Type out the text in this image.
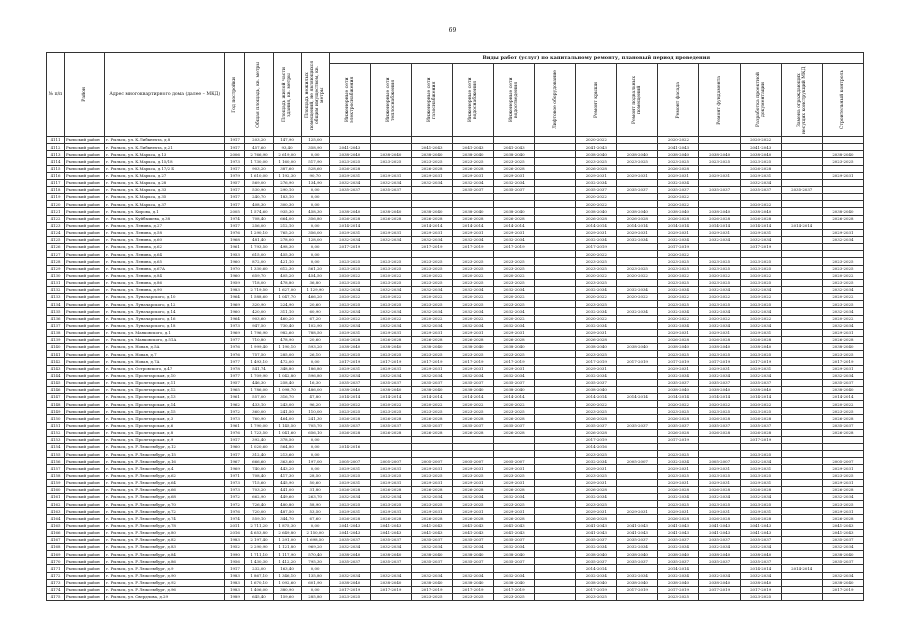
69
№ п/п	Район	Адрес многоквартирного дома (далее – МКД)	Год постройки	Общая площадь, кв. метры	Площадь жилой части здания, кв. метры	Площадь нежилых помещений, не являющихся общим имуществом, кв. метры	Виды работ (услуг) по капитальному ремонту, плановый период проведения												

							Инженерные сети электроснабжения	Инженерные сети теплоснабжения	Инженерные сети газоснабжения	Инженерные сети водоснабжения	Инженерные сети водоотведения	Лифтовое оборудование	Ремонт крыши	Ремонт подвальных помещений	Ремонт фасада	Ремонт фундамента	Разработка проектной документации	Замена ограждающих несущих конструкций МКД	Строительный контроль

4111	Рыльский район	г. Рыльск, ул. К.Либкнехта, д.8	1917	203,20	147,90	125,00							2020-2022		2020-2022		2020-2022		
4112	Рыльский район	г. Рыльск, ул. К.Либкнехта, д.21	1917	457,60	93,40	358,90	2041-2043		2041-2043	2041-2043	2041-2043		2041-2043		2041-2043		2041-2043		
4113	Рыльский район	г. Рыльск, ул. К.Маркса, д.13	2006	2 766,90	2 619,00	0,00	2038-2040	2038-2040	2038-2040	2038-2040	2038-2040		2038-2040	2038-2040	2038-2040	2038-2040	2038-2040		2038-2040
4114	Рыльский район	г. Рыльск, ул. К.Маркса, д.15/18	1973	1 730,00	1 160,00	517,90	2023-2025	2023-2025	2023-2025	2023-2025	2023-2025		2023-2025	2023-2025	2023-2025	2023-2025	2023-2025		2023-2025
4115	Рыльский район	г. Рыльск, ул. К.Маркса, д.17/2 Б	1917	903,20	387,60	528,60	2026-2028		2026-2028	2026-2028	2026-2028		2026-2028		2026-2028		2026-2028		
4116	Рыльский район	г. Рыльск, ул. К.Маркса, д.27	1979	1 610,00	1 192,30	90,70	2029-2031	2029-2031	2029-2031	2029-2031	2029-2031		2029-2031	2029-2031	2029-2031	2029-2031	2029-2031		2029-2031
4117	Рыльский район	г. Рыльск, ул. К.Маркса, д.28	1957	569,00	276,90	134,90	2032-2034	2032-2034	2032-2034	2032-2034	2032-2034		2032-2034		2032-2034		2032-2034		
4118	Рыльский район	г. Рыльск, ул. К.Маркса, д.33	1917	530,90	290,10	0,00	2035-2037	2035-2037		2035-2037	2035-2037		2035-2037	2035-2037	2035-2037	2035-2037	2035-2037	2035-2037	
4119	Рыльский район	г. Рыльск, ул. К.Маркса, д.35	1917	240,70	183,10	0,00							2020-2022		2020-2022				
4120	Рыльский район	г. Рыльск, ул. К.Маркса, д.37	1917	408,30	300,30	0,00							2020-2022		2020-2022		2020-2022		
4121	Рыльский район	г. Рыльск, ул. Кирова, д.1	2005	1 574,60	935,30	458,30	2038-2040	2038-2040	2038-2040	2038-2040	2038-2040		2038-2040	2038-2040	2038-2040	2038-2040	2038-2040		2038-2040
4122	Рыльский район	г. Рыльск, ул. Куйбышева, д.38	1974	708,40	664,00	356,80	2026-2028	2026-2028	2026-2028	2026-2028	2026-2028		2026-2028	2026-2028	2026-2028	2026-2028	2026-2028		2026-2028
4123	Рыльский район	г. Рыльск, ул. Ленина, д.27	1917	256,00	212,10	0,00	2014-2014		2014-2014	2014-2014	2014-2014		2014-2014	2014-2014	2014-2014	2014-2014	2014-2014	2014-2014	
4124	Рыльский район	г. Рыльск, ул. Ленина, д.58	1976	1 290,10	765,20	356,00	2029-2031	2029-2031	2029-2031	2029-2031	2029-2031		2029-2031	2029-2031	2029-2031	2029-2031	2029-2031		2029-2031
4125	Рыльский район	г. Рыльск, ул. Ленина, д.60	1968	481,40	278,00	128,00	2032-2034	2032-2034	2032-2034	2032-2034	2032-2034		2032-2034	2032-2034	2032-2034	2032-2034	2032-2034		2032-2034
4126	Рыльский район	г. Рыльск, ул. Ленина, д.62	1961	1 793,50	498,30	0,00	2017-2019		2017-2019	2017-2019	2017-2019		2017-2019		2017-2019		2017-2019		
4127	Рыльский район	г. Рыльск, ул. Ленина, д.64	1953	615,00	455,30	0,00							2020-2022		2020-2022				
4128	Рыльский район	г. Рыльск, ул. Ленина, д.65	1960	872,00	421,10	0,00	2023-2025	2023-2025	2023-2025	2023-2025	2023-2025		2023-2025		2023-2025	2023-2025	2023-2025		2023-2025
4129	Рыльский район	г. Рыльск, ул. Ленина, д.67А	1970	1 330,60	612,30	561,20	2023-2025	2023-2025	2023-2025	2023-2025	2023-2025		2023-2025	2023-2025	2023-2025	2023-2025	2023-2025		2023-2025
4130	Рыльский район	г. Рыльск, ул. Ленина, д.84	1960	659,70	405,20	454,50	2020-2022	2020-2022	2020-2022	2020-2022	2020-2022		2020-2022	2020-2022	2020-2022	2020-2022	2020-2022		2020-2022
4131	Рыльский район	г. Рыльск, ул. Ленина, д.86	1959	718,00	478,80	36,80	2023-2025	2023-2025	2023-2025	2023-2025	2023-2025		2023-2025		2023-2025	2023-2025	2023-2025		2023-2025
4132	Рыльский район	г. Рыльск, ул. Ленина, д.90	1983	2 719,50	1 627,00	1 129,90	2032-2034	2032-2034	2032-2034	2032-2034	2032-2034		2032-2034	2032-2034	2032-2034	2032-2034	2032-2034		2032-2034
4133	Рыльский район	г. Рыльск, ул. Луначарского, д.10	1964	1 588,60	1 047,70	466,20	2020-2022	2020-2022	2020-2022	2020-2022	2020-2022		2020-2022	2020-2022	2020-2022	2020-2022	2020-2022		2020-2022
4134	Рыльский район	г. Рыльск, ул. Луначарского, д.12	1969	320,90	224,90	20,60	2023-2025	2023-2025	2023-2025	2023-2025	2023-2025		2023-2025		2023-2025	2023-2025	2023-2025		2023-2025
4135	Рыльский район	г. Рыльск, ул. Луначарского, д.14	1960	420,00	311,10	60,90	2032-2034	2032-2034	2032-2034	2032-2034	2032-2034		2032-2034	2032-2034	2032-2034	2032-2034	2032-2034		2032-2034
4136	Рыльский район	г. Рыльск, ул. Луначарского, д.16	1964	903,60	460,20	67,20	2020-2022	2020-2022	2020-2022	2020-2022	2020-2022		2020-2022		2020-2022	2020-2022	2020-2022		2020-2022
4137	Рыльский район	г. Рыльск, ул. Луначарского, д.18	1973	947,50	730,40	102,90	2032-2034	2032-2034	2032-2034	2032-2034	2032-2034		2032-2034		2032-2034	2032-2034	2032-2034		2032-2034
4138	Рыльский район	г. Рыльск, ул. Маяковского, д.1	1969	1 796,90	982,60	788,50	2029-2031	2029-2031	2029-2031	2029-2031	2029-2031		2029-2031		2029-2031	2029-2031	2029-2031		2029-2031
4139	Рыльский район	г. Рыльск, ул. Маяковского, д.51А	1977	710,80	478,90	20,60	2026-2028	2026-2028	2026-2028	2026-2028	2026-2028		2026-2028		2026-2028	2026-2028	2026-2028		2026-2028
4140	Рыльский район	г. Рыльск, ул. Новая, д.5А	1976	1 999,40	1 190,10	593,20	2038-2040	2038-2040	2038-2040	2038-2040	2038-2040		2038-2040	2038-2040	2038-2040	2038-2040	2038-2040		2038-2040
4141	Рыльский район	г. Рыльск, ул. Новая, д.7	1976	757,50	285,00	26,10	2023-2025	2023-2025	2023-2025	2023-2025	2023-2025		2023-2025		2023-2025	2023-2025	2023-2025		2023-2025
4142	Рыльский район	г. Рыльск, ул. Новая, д.7А	1977	1 493,10	472,00	0,00	2017-2019	2017-2019	2017-2019	2017-2019	2017-2019		2017-2019	2017-2019	2017-2019	2017-2019	2017-2019		2017-2019
4143	Рыльский район	г. Рыльск, ул. Островского, д.47	1978	541,74	348,80	186,80	2029-2031	2029-2031	2029-2031	2029-2031	2029-2031		2029-2031		2029-2031	2029-2031	2029-2031		2029-2031
4144	Рыльский район	г. Рыльск, ул. Пролетарская, д.10	1977	1 709,90	1 042,80	596,80	2032-2034	2032-2034	2032-2034	2032-2034	2032-2034		2032-2034		2032-2034	2032-2034	2032-2034		2032-2034
4145	Рыльский район	г. Рыльск, ул. Пролетарская, д.11	1957	446,30	258,40	16,30	2035-2037	2035-2037	2035-2037	2035-2037	2035-2037		2035-2037		2035-2037	2035-2037	2035-2037		2035-2037
4146	Рыльский район	г. Рыльск, ул. Пролетарская, д.12	1965	1 786,00	1 098,70	486,00	2038-2040	2038-2040	2038-2040	2038-2040	2038-2040		2038-2040		2038-2040	2038-2040	2038-2040		2038-2040
4147	Рыльский район	г. Рыльск, ул. Пролетарская, д.13	1961	557,00	316,70	47,80	2014-2014	2014-2014	2014-2014	2014-2014	2014-2014		2014-2014	2014-2014	2014-2014	2014-2014	2014-2014		2014-2014
4148	Рыльский район	г. Рыльск, ул. Пролетарская, д.14	1962	433,10	243,00	96,20	2020-2022	2020-2022	2020-2022	2020-2022	2020-2022		2020-2022		2020-2022	2020-2022	2020-2022		2020-2022
4149	Рыльский район	г. Рыльск, ул. Пролетарская, д.15	1972	360,00	241,50	110,00	2023-2025	2023-2025	2023-2025	2023-2025	2023-2025		2023-2025		2023-2025	2023-2025	2023-2025		2023-2025
4150	Рыльский район	г. Рыльск, ул. Пролетарская, д.3	1973	760,90	464,00	241,30	2026-2028	2026-2028	2026-2028	2026-2028	2026-2028		2026-2028		2026-2028	2026-2028	2026-2028		2026-2028
4151	Рыльский район	г. Рыльск, ул. Пролетарская, д.6	1961	1 790,00	1 145,50	705,70	2035-2037	2035-2037	2035-2037	2035-2037	2035-2037		2035-2037	2035-2037	2035-2037	2035-2037	2035-2037		2035-2037
4152	Рыльский район	г. Рыльск, ул. Пролетарская, д.8	1976	1 723,50	1 041,60	656,10	2026-2028	2026-2028	2026-2028	2026-2028	2026-2028		2026-2028		2026-2028	2026-2028	2026-2028		2026-2028
4153	Рыльский район	г. Рыльск, ул. Пролетарская, д.9	1917	392,40	378,50	0,00							2017-2019		2017-2019		2017-2019		
4154	Рыльский район	г. Рыльск, ул. Р.Люксембург, д.12	1960	1 020,60	564,80	0,00	2014-2016						2014-2016						
4155	Рыльский район	г. Рыльск, ул. Р.Люксембург, д.15	1917	312,40	213,60	0,00							2023-2025		2023-2025		2023-2025		
4156	Рыльский район	г. Рыльск, ул. Р.Люксембург, д.16	1967	666,60	363,60	197,00	2005-2007	2005-2007	2005-2007	2005-2007	2005-2007		2032-2034	2005-2007	2032-2034	2005-2007	2032-2034		2005-2007
4157	Рыльский район	г. Рыльск, ул. Р.Люксембург, д.4	1969	740,00	443,20	0,00	2029-2031	2029-2031	2029-2031	2029-2031	2029-2031		2029-2031		2029-2031	2029-2031	2029-2031		2029-2031
4158	Рыльский район	г. Рыльск, ул. Р.Люксембург, д.62	1971	708,40	417,30	28,50	2023-2025	2023-2025	2023-2025	2023-2025	2023-2025		2023-2025		2023-2025	2023-2025	2023-2025		2023-2025
4159	Рыльский район	г. Рыльск, ул. Р.Люксембург, д.64	1973	715,60	445,90	50,60	2029-2031	2029-2031	2029-2031	2029-2031	2029-2031		2029-2031		2029-2031	2029-2031	2029-2031		2029-2031
4160	Рыльский район	г. Рыльск, ул. Р.Люксембург, д.66	1973	703,20	441,00	31,80	2026-2028	2026-2028	2026-2028	2026-2028	2026-2028		2026-2028		2026-2028	2026-2028	2026-2028		2026-2028
4161	Рыльский район	г. Рыльск, ул. Р.Люксембург, д.68	1972	662,90	449,60	263,70	2032-2034	2032-2034	2032-2034	2032-2034	2032-2034		2032-2034		2032-2034	2032-2034	2032-2034		2032-2034
4162	Рыльский район	г. Рыльск, ул. Р.Люксембург, д.70	1972	726,40	480,80	58,90	2023-2025	2023-2025	2023-2025	2023-2025	2023-2025		2023-2025		2023-2025	2023-2025	2023-2025		2023-2025
4163	Рыльский район	г. Рыльск, ул. Р.Люксембург, д.72	1976	720,00	487,50	53,50	2029-2031	2029-2031	2029-2031	2029-2031	2029-2031		2029-2031	2029-2031	2029-2031	2029-2031	2029-2031		2029-2031
4164	Рыльский район	г. Рыльск, ул. Р.Люксембург, д.74	1974	559,10	344,70	67,60	2026-2028	2026-2028	2026-2028	2026-2028	2026-2028		2026-2028		2026-2028	2026-2028	2026-2028		2026-2028
4165	Рыльский район	г. Рыльск, ул. Р.Люксембург, д.78	2011	2 711,20	1 875,30	0,00	2041-2043	2041-2043	2041-2043	2041-2043	2041-2043		2041-2043	2041-2043	2041-2043	2041-2043	2041-2043		2041-2043
4166	Рыльский район	г. Рыльск, ул. Р.Люксембург, д.80	2016	4 653,80	2 649,80	2 150,00	2041-2043	2041-2043	2041-2043	2041-2043	2041-2043		2041-2043	2041-2043	2041-2043	2041-2043	2041-2043		2041-2043
4167	Рыльский район	г. Рыльск, ул. Р.Люксембург, д.82	1983	2 197,40	1 291,00	1 698,50	2035-2037	2035-2037	2035-2037	2035-2037	2035-2037		2035-2037	2035-2037	2035-2037	2035-2037	2035-2037		2035-2037
4168	Рыльский район	г. Рыльск, ул. Р.Люксембург, д.83	1952	2 290,90	1 121,80	969,20	2032-2034	2032-2034	2032-2034	2032-2034	2032-2034		2032-2034	2032-2034	2032-2034	2032-2034	2032-2034		2032-2034
4169	Рыльский район	г. Рыльск, ул. Р.Люксембург, д.84	1990	1 711,10	1 117,90	570,40	2038-2040	2038-2040	2038-2040	2038-2040	2038-2040		2038-2040	2038-2040	2038-2040	2038-2040	2038-2040		2038-2040
4170	Рыльский район	г. Рыльск, ул. Р.Люксембург, д.86	1956	1 430,30	1 412,20	795,30	2035-2037	2035-2037	2035-2037	2035-2037	2035-2037		2035-2037	2035-2037	2035-2037	2035-2037	2035-2037		2035-2037
4171	Рыльский район	г. Рыльск, ул. Р.Люксембург, д.9	1917	232,00	163,40	0,00							2014-2014		2014-2014		2014-2014	2014-2014	
4172	Рыльский район	г. Рыльск, ул. Р.Люксембург, д.90	1983	1 867,10	1 346,10	135,80	2032-2034	2032-2034	2032-2034	2032-2034	2032-2034		2032-2034	2032-2034	2032-2034	2032-2034	2032-2034		2032-2034
4173	Рыльский район	г. Рыльск, ул. Р.Люксембург, д.92	1983	1 670,10	1 092,60	601,90	2038-2040	2038-2040	2038-2040	2038-2040	2038-2040		2038-2040	2038-2040	2038-2040	2038-2040	2038-2040		2038-2040
4174	Рыльский район	г. Рыльск, ул. Р.Люксембург, д.96	1983	1 406,00	380,90	0,00	2017-2019	2017-2019	2017-2019	2017-2019	2017-2019		2017-2019	2017-2019	2017-2019	2017-2019	2017-2019		2017-2019
4175	Рыльский район	г. Рыльск, ул. Свердлова, д.29	1989	645,40	159,60	285,80	2023-2025		2023-2025	2023-2025	2023-2025		2023-2025		2023-2025		2023-2025		
